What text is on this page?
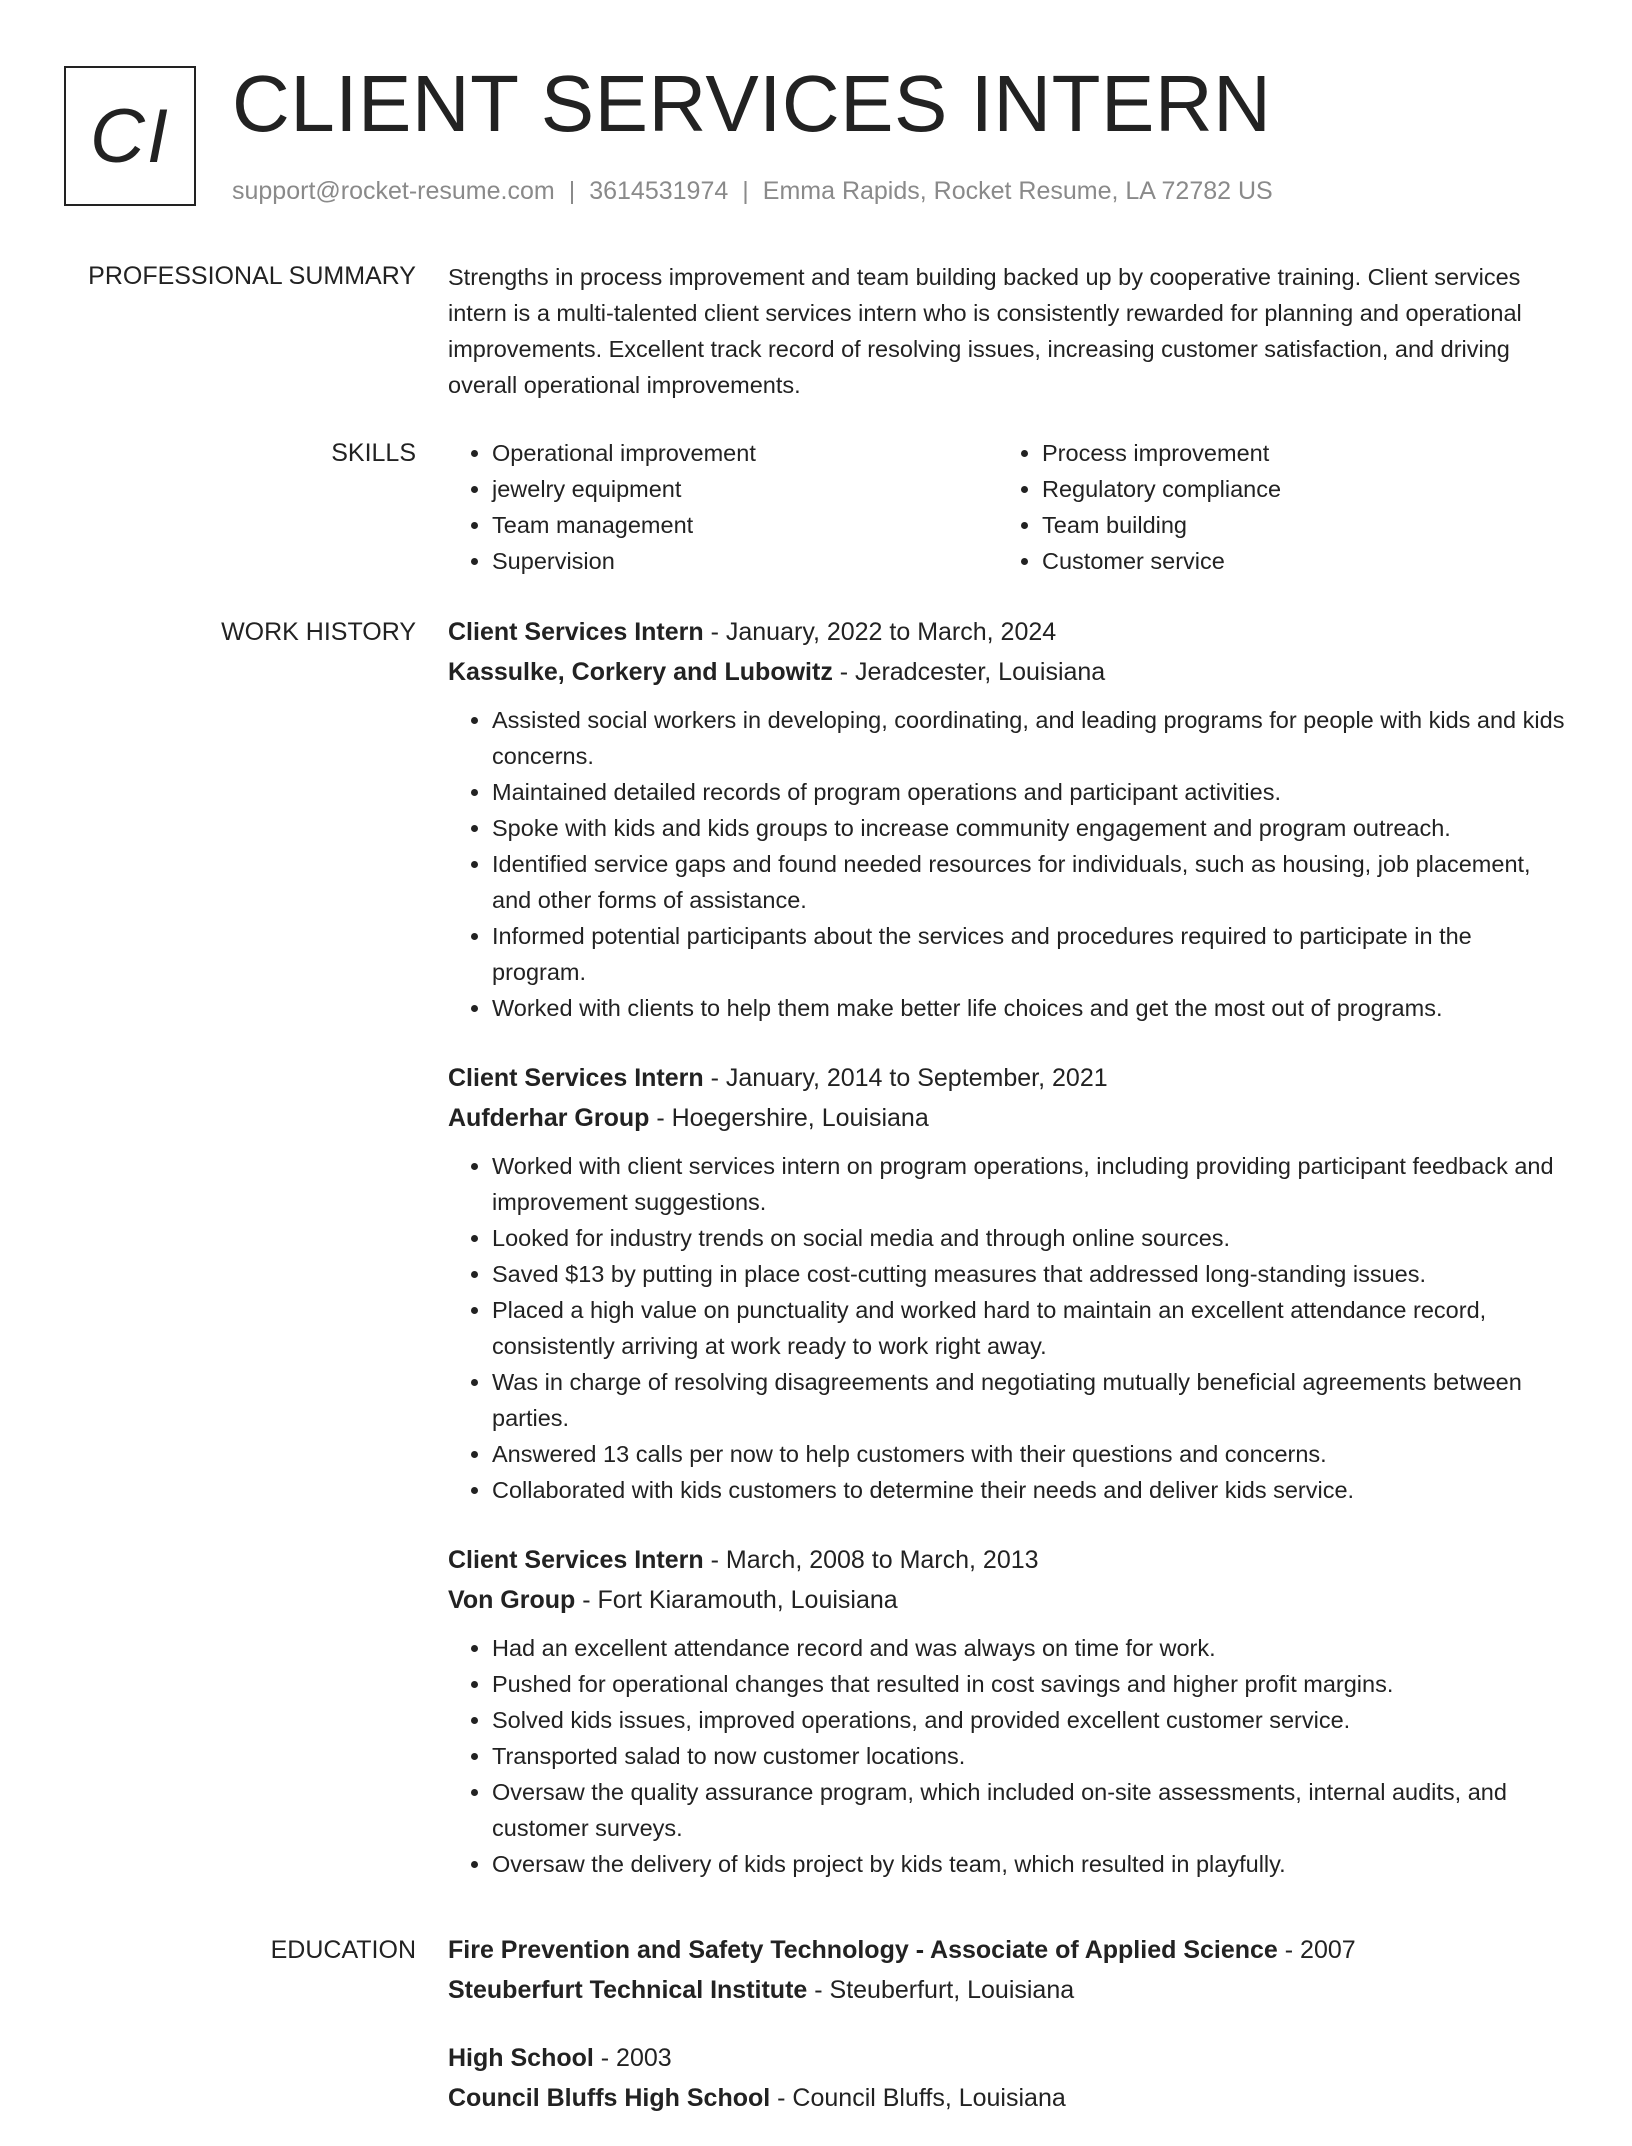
CI CLIENT SERVICES INTERN
support@rocket-resume.com | 3614531974 | Emma Rapids, Rocket Resume, LA 72782 US
PROFESSIONAL SUMMARY Strengths in process improvement and team building backed up by cooperative training. Client services intern is a multi-talented client services intern who is consistently rewarded for planning and operational improvements. Excellent track record of resolving issues, increasing customer satisfaction, and driving overall operational improvements.

SKILLS
•	Operational improvement
• jewelry equipment
• Team management
• Supervision
• Process improvement
• Regulatory compliance
• Team building
• Customer service
WORK HISTORY Client Services Intern - January, 2022 to March, 2024
Kassulke, Corkery and Lubowitz - Jeradcester, Louisiana
• Assisted social workers in developing, coordinating, and leading programs for people with kids and kids concerns.
• Maintained detailed records of program operations and participant activities.
• Spoke with kids and kids groups to increase community engagement and program outreach.
• Identified service gaps and found needed resources for individuals, such as housing, job placement, and other forms of assistance.
• Informed potential participants about the services and procedures required to participate in the program.
• Worked with clients to help them make better life choices and get the most out of programs.
Client Services Intern - January, 2014 to September, 2021
Aufderhar Group - Hoegershire, Louisiana
• Worked with client services intern on program operations, including providing participant feedback and improvement suggestions.
• Looked for industry trends on social media and through online sources.
• Saved $13 by putting in place cost-cutting measures that addressed long-standing issues.
• Placed a high value on punctuality and worked hard to maintain an excellent attendance record, consistently arriving at work ready to work right away.
• Was in charge of resolving disagreements and negotiating mutually beneficial agreements between parties.
• Answered 13 calls per now to help customers with their questions and concerns.
• Collaborated with kids customers to determine their needs and deliver kids service.
Client Services Intern - March, 2008 to March, 2013
Von Group - Fort Kiaramouth, Louisiana
• Had an excellent attendance record and was always on time for work.
• Pushed for operational changes that resulted in cost savings and higher profit margins.
• Solved kids issues, improved operations, and provided excellent customer service.
• Transported salad to now customer locations.
• Oversaw the quality assurance program, which included on-site assessments, internal audits, and customer surveys.
• Oversaw the delivery of kids project by kids team, which resulted in playfully.
EDUCATION Fire Prevention and Safety Technology - Associate of Applied Science - 2007
Steuberfurt Technical Institute - Steuberfurt, Louisiana
High School - 2003
Council Bluffs High School - Council Bluffs, Louisiana
